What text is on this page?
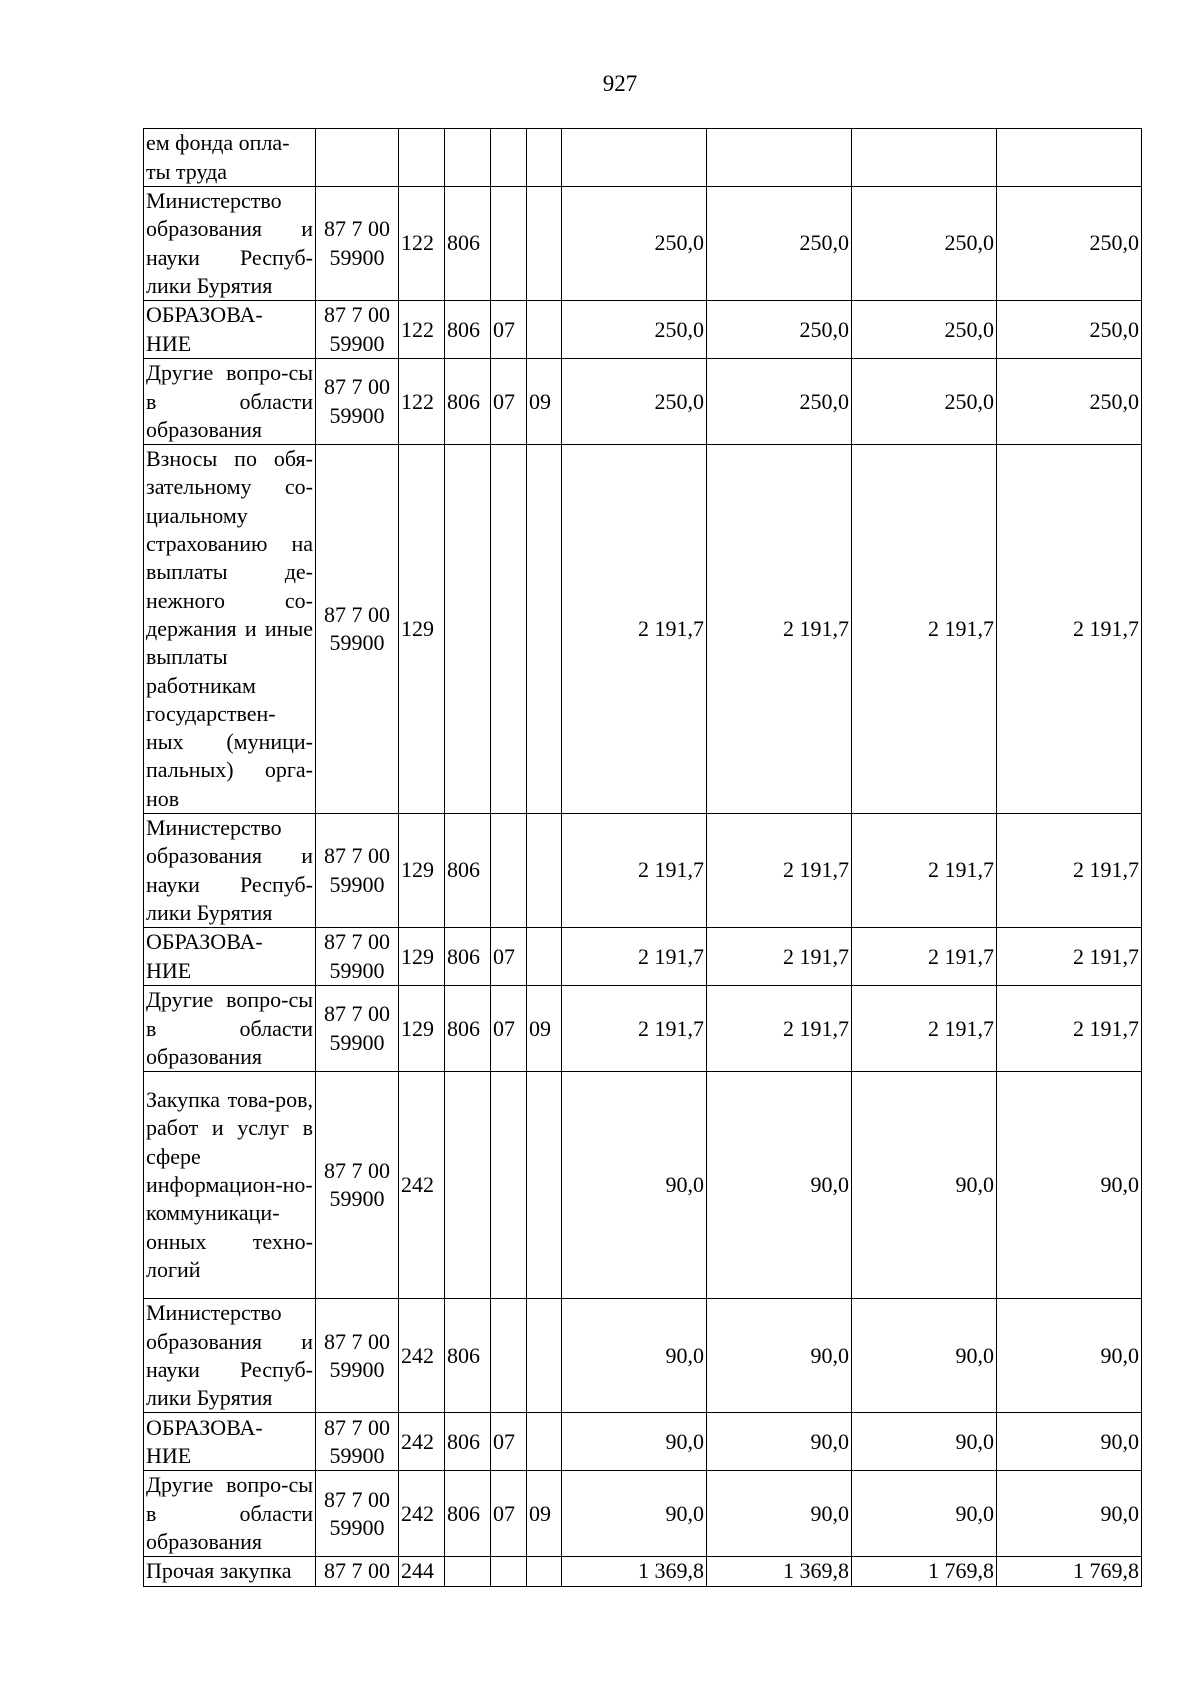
927
ем фонда опла-
ты труда									
Министерство образования и науки Респуб-лики Бурятия	87 7 00
59900	122	806			250,0	250,0	250,0	250,0
ОБРАЗОВА-
НИЕ	87 7 00
59900	122	806	07		250,0	250,0	250,0	250,0
Другие вопро-сы в области образования	87 7 00
59900	122	806	07	09	250,0	250,0	250,0	250,0
Взносы по обя-зательному со-циальному страхованию на выплаты де-нежного со-держания и иные выплаты работникам государствен-ных (муници-пальных) орга-нов	87 7 00
59900	129				2 191,7	2 191,7	2 191,7	2 191,7
Министерство образования и науки Респуб-лики Бурятия	87 7 00
59900	129	806			2 191,7	2 191,7	2 191,7	2 191,7
ОБРАЗОВА-
НИЕ	87 7 00
59900	129	806	07		2 191,7	2 191,7	2 191,7	2 191,7
Другие вопро-сы в области образования	87 7 00
59900	129	806	07	09	2 191,7	2 191,7	2 191,7	2 191,7
Закупка това-ров, работ и услуг в сфере информацион-но-коммуникаци-онных техно-логий	87 7 00
59900	242				90,0	90,0	90,0	90,0
Министерство образования и науки Респуб-лики Бурятия	87 7 00
59900	242	806			90,0	90,0	90,0	90,0
ОБРАЗОВА-
НИЕ	87 7 00
59900	242	806	07		90,0	90,0	90,0	90,0
Другие вопро-сы в области образования	87 7 00
59900	242	806	07	09	90,0	90,0	90,0	90,0
Прочая закупка	87 7 00	244				1 369,8	1 369,8	1 769,8	1 769,8
